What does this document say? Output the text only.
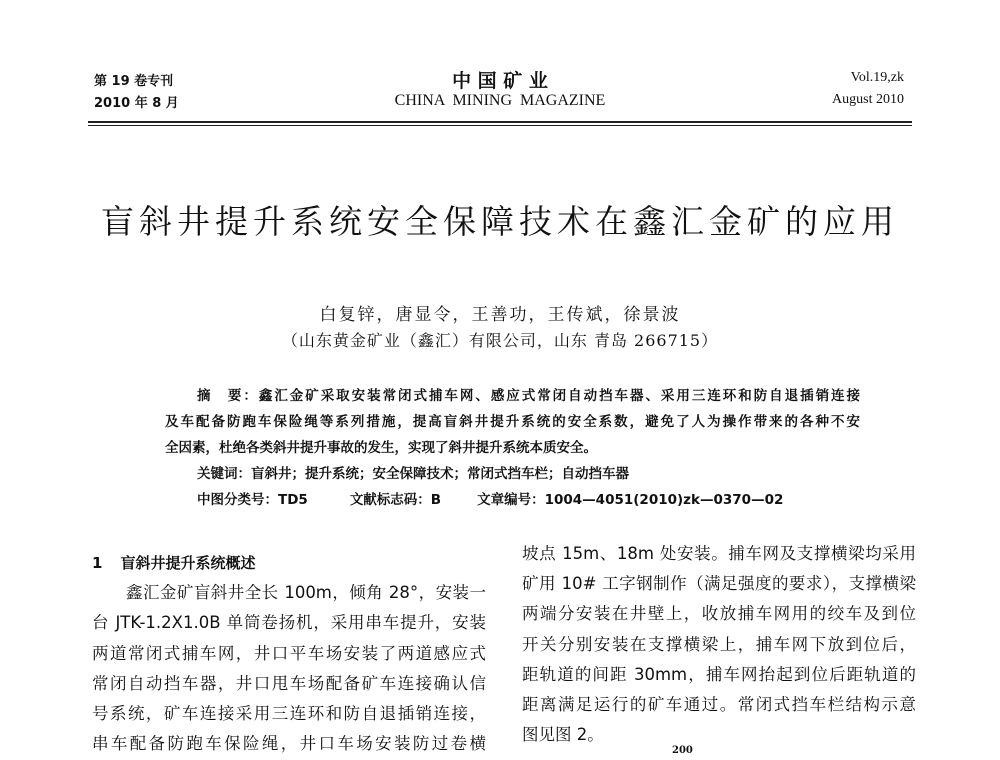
第 19 卷专刊
2010 年 8 月
中 国 矿 业
CHINA  MINING  MAGAZINE
Vol.19,zk
August 2010
盲斜井提升系统安全保障技术在鑫汇金矿的应用
白复锌，唐显令，王善功，王传斌，徐景波
（山东黄金矿业（鑫汇）有限公司，山东 青岛 266715）
摘　要：鑫汇金矿采取安装常闭式捕车网、感应式常闭自动挡车器、采用三连环和防自退插销连接
及车配备防跑车保险绳等系列措施，提高盲斜井提升系统的安全系数，避免了人为操作带来的各种不安
全因素，杜绝各类斜井提升事故的发生，实现了斜井提升系统本质安全。
关键词：盲斜井；提升系统；安全保障技术；常闭式挡车栏；自动挡车器
中图分类号：TD5	文献标志码：B	文章编号：1004—4051(2010)zk—0370—02
1 盲斜井提升系统概述
鑫汇金矿盲斜井全长 100m，倾角 28°，安装一
台 JTK-1.2X1.0B 单筒卷扬机，采用串车提升，安装
两道常闭式捕车网，井口平车场安装了两道感应式
常闭自动挡车器，井口甩车场配备矿车连接确认信
号系统，矿车连接采用三连环和防自退插销连接，
串车配备防跑车保险绳，井口车场安装防过卷横
坡点 15m、18m 处安装。捕车网及支撑横梁均采用
矿用 10# 工字钢制作（满足强度的要求），支撑横梁
两端分安装在井壁上，收放捕车网用的绞车及到位
开关分别安装在支撑横梁上，捕车网下放到位后，
距轨道的间距 30mm，捕车网抬起到位后距轨道的
距离满足运行的矿车通过。常闭式挡车栏结构示意
图见图 2。
200
